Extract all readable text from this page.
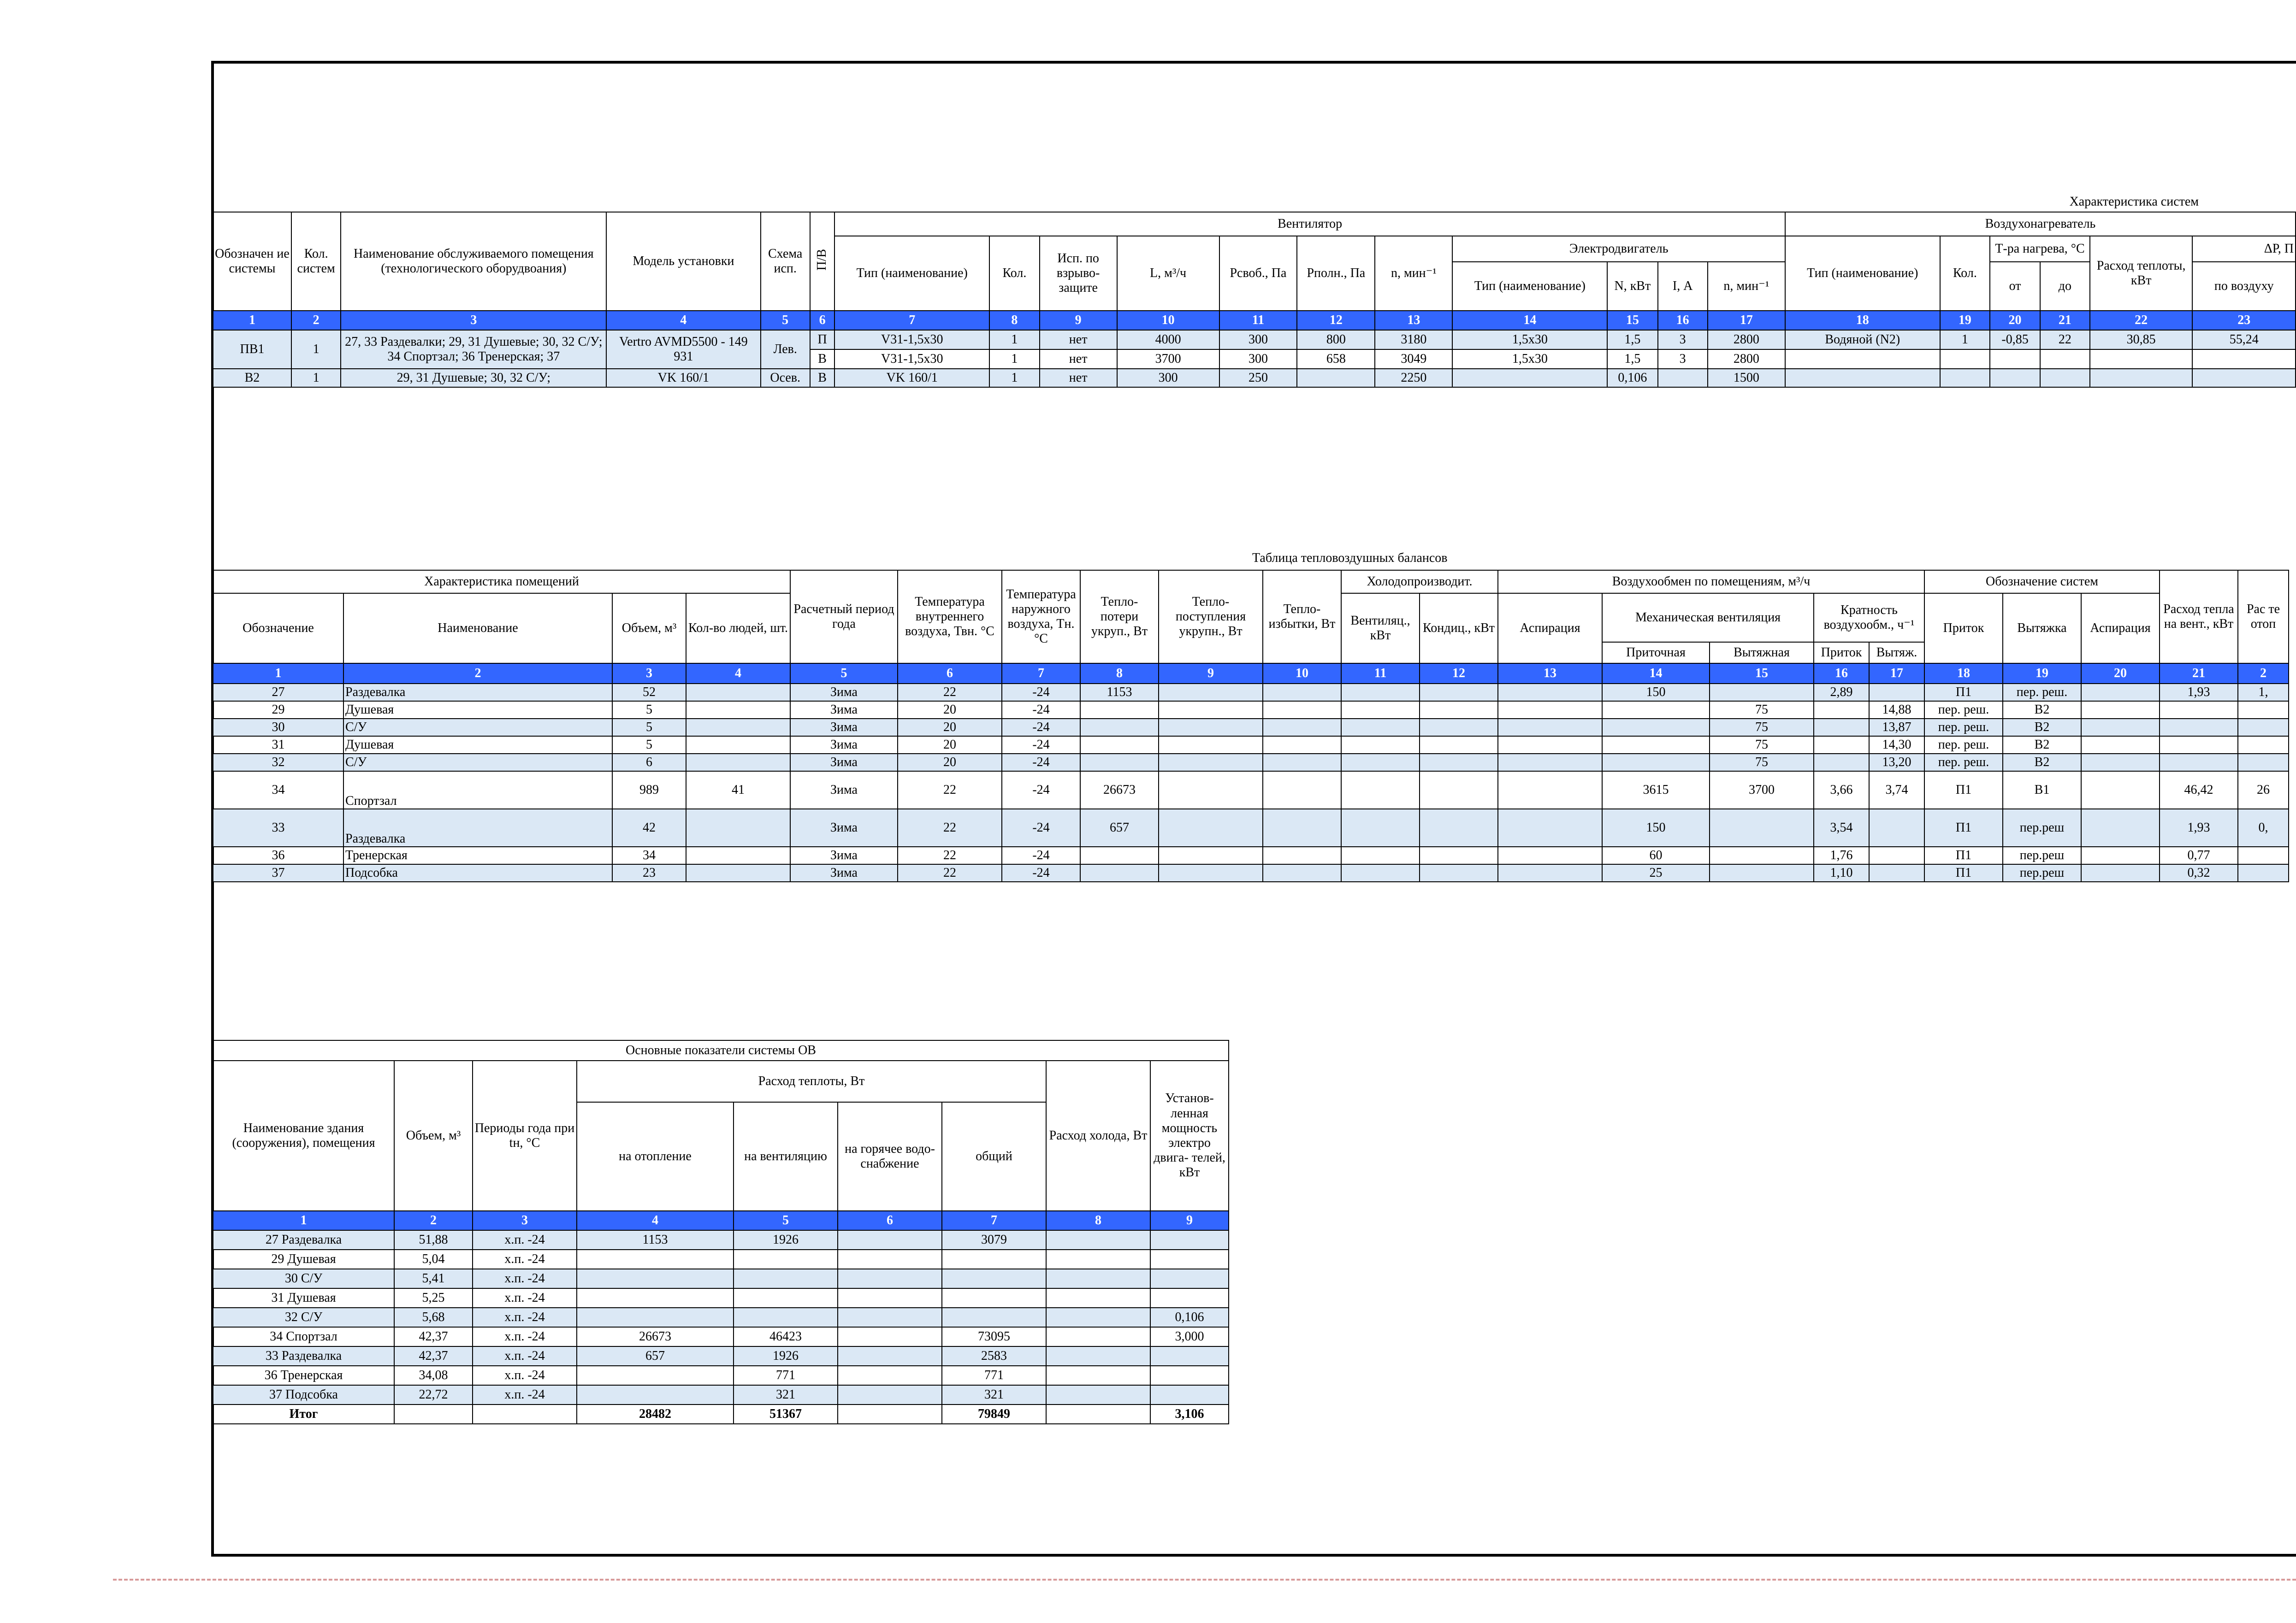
Характеристика систем																						
Обозначен ие системы	Кол. систем	Наименование обслуживаемого помещения (технологического оборудвоания)	Модель установки	Схема исп.	П/В	Вентилятор											Воздухонагреватель					
						Тип (наименование)	Кол.	Исп. по взрыво- защите	L, м³/ч	Рсвоб., Па	Рполн., Па	n, мин⁻¹	Электродвигатель				Тип (наименование)	Кол.	Т-ра нагрева, °С		Расход теплоты, кВт	ΔР, П
													Тип (наименование)	N, кВт	I, А	n, мин⁻¹			от	до		по воздуху
1	2	3	4	5	6	7	8	9	10	11	12	13	14	15	16	17	18	19	20	21	22	23
ПВ1	1	27, 33 Раздевалки; 29, 31 Душевые; 30, 32 С/У; 34 Спортзал; 36 Тренерская; 37	Vertro AVMD5500 - 149 931	Лев.	П	V31-1,5x30	1	нет	4000	300	800	3180	1,5x30	1,5	3	2800	Водяной (N2)	1	-0,85	22	30,85	55,24
					В	V31-1,5x30	1	нет	3700	300	658	3049	1,5x30	1,5	3	2800						
В2	1	29, 31 Душевые; 30, 32 С/У;	VK 160/1	Осев.	В	VK 160/1	1	нет	300	250		2250		0,106		1500						
Таблица тепловоздушных балансов																					
Характеристика помещений				Расчетный период года	Температура внутреннего воздуха, Твн. °С	Температура наружного воздуха, Тн. °С	Тепло- потери укруп., Вт	Тепло- поступления укрупн., Вт	Тепло- избытки, Вт	Холодопроизводит.		Воздухообмен по помещениям, м³/ч					Обозначение систем			Расход тепла на вент., кВт	Рас те отоп
Обозначение	Наименование	Объем, м³	Кол-во людей, шт.							Вентиляц., кВт	Кондиц., кВт	Аспирация	Механическая вентиляция		Кратность воздухообм., ч⁻¹		Приток	Вытяжка	Аспирация		
													Приточная	Вытяжная	Приток	Вытяж.					
1	2	3	4	5	6	7	8	9	10	11	12	13	14	15	16	17	18	19	20	21	2
27	Раздевалка	52		Зима	22	-24	1153						150		2,89		П1	пер. реш.		1,93	1,
29	Душевая	5		Зима	20	-24								75		14,88	пер. реш.	В2			
30	С/У	5		Зима	20	-24								75		13,87	пер. реш.	В2			
31	Душевая	5		Зима	20	-24								75		14,30	пер. реш.	В2			
32	С/У	6		Зима	20	-24								75		13,20	пер. реш.	В2			
34	Спортзал	989	41	Зима	22	-24	26673						3615	3700	3,66	3,74	П1	В1		46,42	26
33	Раздевалка	42		Зима	22	-24	657						150		3,54		П1	пер.реш		1,93	0,
36	Тренерская	34		Зима	22	-24							60		1,76		П1	пер.реш		0,77	
37	Подсобка	23		Зима	22	-24							25		1,10		П1	пер.реш		0,32	
Основные показатели системы ОВ								
Наименование здания (сооружения), помещения	Объем, м³	Периоды года при tн, °С	Расход теплоты, Вт				Расход холода, Вт	Установ- ленная мощность электро двига- телей, кВт
			на отопление	на вентиляцию	на горячее водо- снабжение	общий		
1	2	3	4	5	6	7	8	9
27 Раздевалка	51,88	х.п. -24	1153	1926		3079		
29 Душевая	5,04	х.п. -24						
30 С/У	5,41	х.п. -24						
31 Душевая	5,25	х.п. -24						
32 С/У	5,68	х.п. -24						0,106
34 Спортзал	42,37	х.п. -24	26673	46423		73095		3,000
33 Раздевалка	42,37	х.п. -24	657	1926		2583		
36 Тренерская	34,08	х.п. -24		771		771		
37 Подсобка	22,72	х.п. -24		321		321		
Итог			28482	51367		79849		3,106
